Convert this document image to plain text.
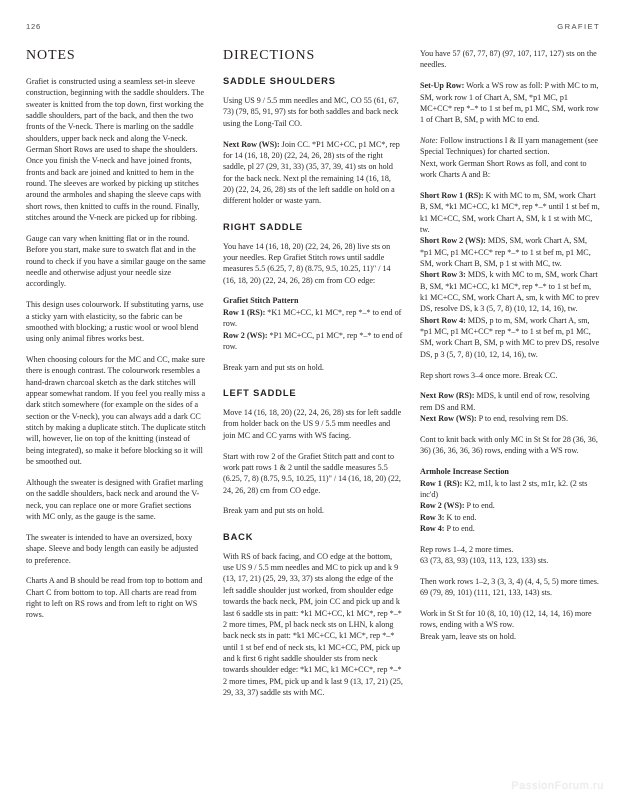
126	GRAFIET
NOTES

Grafiet is constructed using a seamless set-in sleeve construction, beginning with the saddle shoulders. The sweater is knitted from the top down, first working the saddle shoulders, part of the back, and then the two fronts of the V-neck. There is marling on the saddle shoulders, upper back neck and along the V-neck. German Short Rows are used to shape the shoulders. Once you finish the V-neck and have joined fronts, fronts and back are joined and knitted to hem in the round. The sleeves are worked by picking up stitches around the armholes and shaping the sleeve caps with short rows, then knitted to cuffs in the round. Finally, stitches around the V-neck are picked up for ribbing.

Gauge can vary when knitting flat or in the round. Before you start, make sure to swatch flat and in the round to check if you have a similar gauge on the same needle and otherwise adjust your needle size accordingly.

This design uses colourwork. If substituting yarns, use a sticky yarn with elasticity, so the fabric can be smoothed with blocking; a rustic wool or wool blend using only animal fibres works best.

When choosing colours for the MC and CC, make sure there is enough contrast. The colourwork resembles a hand-drawn charcoal sketch as the dark stitches will appear somewhat random. If you feel you really miss a dark stitch somewhere (for example on the sides of a section or the V-neck), you can always add a dark CC stitch by making a duplicate stitch. The duplicate stitch will, however, lie on top of the knitting (instead of being integrated), so make it before blocking so it will be smoothed out.

Although the sweater is designed with Grafiet marling on the saddle shoulders, back neck and around the V-neck, you can replace one or more Grafiet sections with MC only, as the gauge is the same.

The sweater is intended to have an oversized, boxy shape. Sleeve and body length can easily be adjusted to preference.

Charts A and B should be read from top to bottom and Chart C from bottom to top. All charts are read from right to left on RS rows and from left to right on WS rows.

DIRECTIONS
SADDLE SHOULDERS

Using US 9 / 5.5 mm needles and MC, CO 55 (61, 67, 73) (79, 85, 91, 97) sts for both saddles and back neck using the Long-Tail CO.

Next Row (WS): Join CC. *P1 MC+CC, p1 MC*, rep for 14 (16, 18, 20) (22, 24, 26, 28) sts of the right saddle, pl 27 (29, 31, 33) (35, 37, 39, 41) sts on hold for the back neck. Next pl the remaining 14 (16, 18, 20) (22, 24, 26, 28) sts of the left saddle on hold on a different holder or waste yarn.

RIGHT SADDLE

You have 14 (16, 18, 20) (22, 24, 26, 28) live sts on your needles. Rep Grafiet Stitch rows until saddle measures 5.5 (6.25, 7, 8) (8.75, 9.5, 10.25, 11)" / 14 (16, 18, 20) (22, 24, 26, 28) cm from CO edge:

Grafiet Stitch Pattern

Row 1 (RS): *K1 MC+CC, k1 MC*, rep *–* to end of row.

Row 2 (WS): *P1 MC+CC, p1 MC*, rep *–* to end of row.

Break yarn and put sts on hold.

LEFT SADDLE

Move 14 (16, 18, 20) (22, 24, 26, 28) sts for left saddle from holder back on the US 9 / 5.5 mm needles and join MC and CC yarns with WS facing.

Start with row 2 of the Grafiet Stitch patt and cont to work patt rows 1 & 2 until the saddle measures 5.5 (6.25, 7, 8) (8.75, 9.5, 10.25, 11)" / 14 (16, 18, 20) (22, 24, 26, 28) cm from CO edge.

Break yarn and put sts on hold.

BACK

With RS of back facing, and CO edge at the bottom, use US 9 / 5.5 mm needles and MC to pick up and k 9 (13, 17, 21) (25, 29, 33, 37) sts along the edge of the left saddle shoulder just worked, from shoulder edge towards the back neck, PM, join CC and pick up and k last 6 saddle sts in patt: *k1 MC+CC, k1 MC*, rep *–* 2 more times, PM, pl back neck sts on LHN, k along back neck sts in patt: *k1 MC+CC, k1 MC*, rep *–* until 1 st bef end of neck sts, k1 MC+CC, PM, pick up and k first 6 right saddle shoulder sts from neck towards shoulder edge: *k1 MC, k1 MC+CC*, rep *–* 2 more times, PM, pick up and k last 9 (13, 17, 21) (25, 29, 33, 37) saddle sts with MC.

You have 57 (67, 77, 87) (97, 107, 117, 127) sts on the needles.

Set-Up Row: Work a WS row as foll: P with MC to m, SM, work row 1 of Chart A, SM, *p1 MC, p1 MC+CC* rep *–* to 1 st bef m, p1 MC, SM, work row 1 of Chart B, SM, p with MC to end.

Note: Follow instructions I & II yarn management (see Special Techniques) for charted section.

Next, work German Short Rows as foll, and cont to work Charts A and B:

Short Row 1 (RS): K with MC to m, SM, work Chart B, SM, *k1 MC+CC, k1 MC*, rep *–* until 1 st bef m, k1 MC+CC, SM, work Chart A, SM, k 1 st with MC, tw.

Short Row 2 (WS): MDS, SM, work Chart A, SM, *p1 MC, p1 MC+CC* rep *–* to 1 st bef m, p1 MC, SM, work Chart B, SM, p 1 st with MC, tw.

Short Row 3: MDS, k with MC to m, SM, work Chart B, SM, *k1 MC+CC, k1 MC*, rep *–* to 1 st bef m, k1 MC+CC, SM, work Chart A, sm, k with MC to prev DS, resolve DS, k 3 (5, 7, 8) (10, 12, 14, 16), tw.

Short Row 4: MDS, p to m, SM, work Chart A, sm, *p1 MC, p1 MC+CC* rep *–* to 1 st bef m, p1 MC, SM, work Chart B, SM, p with MC to prev DS, resolve DS, p 3 (5, 7, 8) (10, 12, 14, 16), tw.

Rep short rows 3–4 once more. Break CC.

Next Row (RS): MDS, k until end of row, resolving rem DS and RM.

Next Row (WS): P to end, resolving rem DS.

Cont to knit back with only MC in St St for 28 (36, 36, 36) (36, 36, 36, 36) rows, ending with a WS row.

Armhole Increase Section

Row 1 (RS): K2, m1l, k to last 2 sts, m1r, k2. (2 sts inc'd)

Row 2 (WS): P to end.

Row 3: K to end.

Row 4: P to end.

Rep rows 1–4, 2 more times.

63 (73, 83, 93) (103, 113, 123, 133) sts.

Then work rows 1–2, 3 (3, 3, 4) (4, 4, 5, 5) more times.

69 (79, 89, 101) (111, 121, 133, 143) sts.

Work in St St for 10 (8, 10, 10) (12, 14, 14, 16) more rows, ending with a WS row.

Break yarn, leave sts on hold.

PassionForum.ru
